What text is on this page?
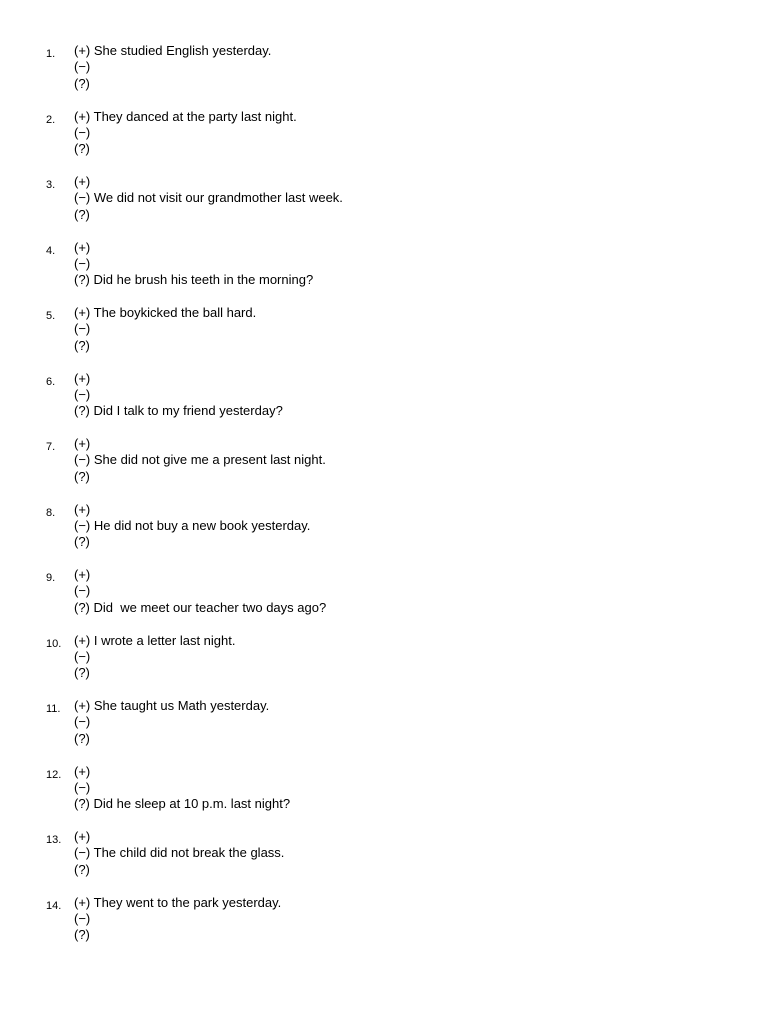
1. (+) She studied English yesterday.
(−)
(?)
2. (+) They danced at the party last night.
(−)
(?)
3. (+)
(−) We did not visit our grandmother last week.
(?)
4. (+)
(−)
(?) Did he brush his teeth in the morning?
5. (+) The boykicked the ball hard.
(−)
(?)
6. (+)
(−)
(?) Did I talk to my friend yesterday?
7. (+)
(−) She did not give me a present last night.
(?)
8. (+)
(−) He did not buy a new book yesterday.
(?)
9. (+)
(−)
(?) Did  we meet our teacher two days ago?
10. (+) I wrote a letter last night.
(−)
(?)
11. (+) She taught us Math yesterday.
(−)
(?)
12. (+)
(−)
(?) Did he sleep at 10 p.m. last night?
13. (+)
(−) The child did not break the glass.
(?)
14. (+) They went to the park yesterday.
(−)
(?)
